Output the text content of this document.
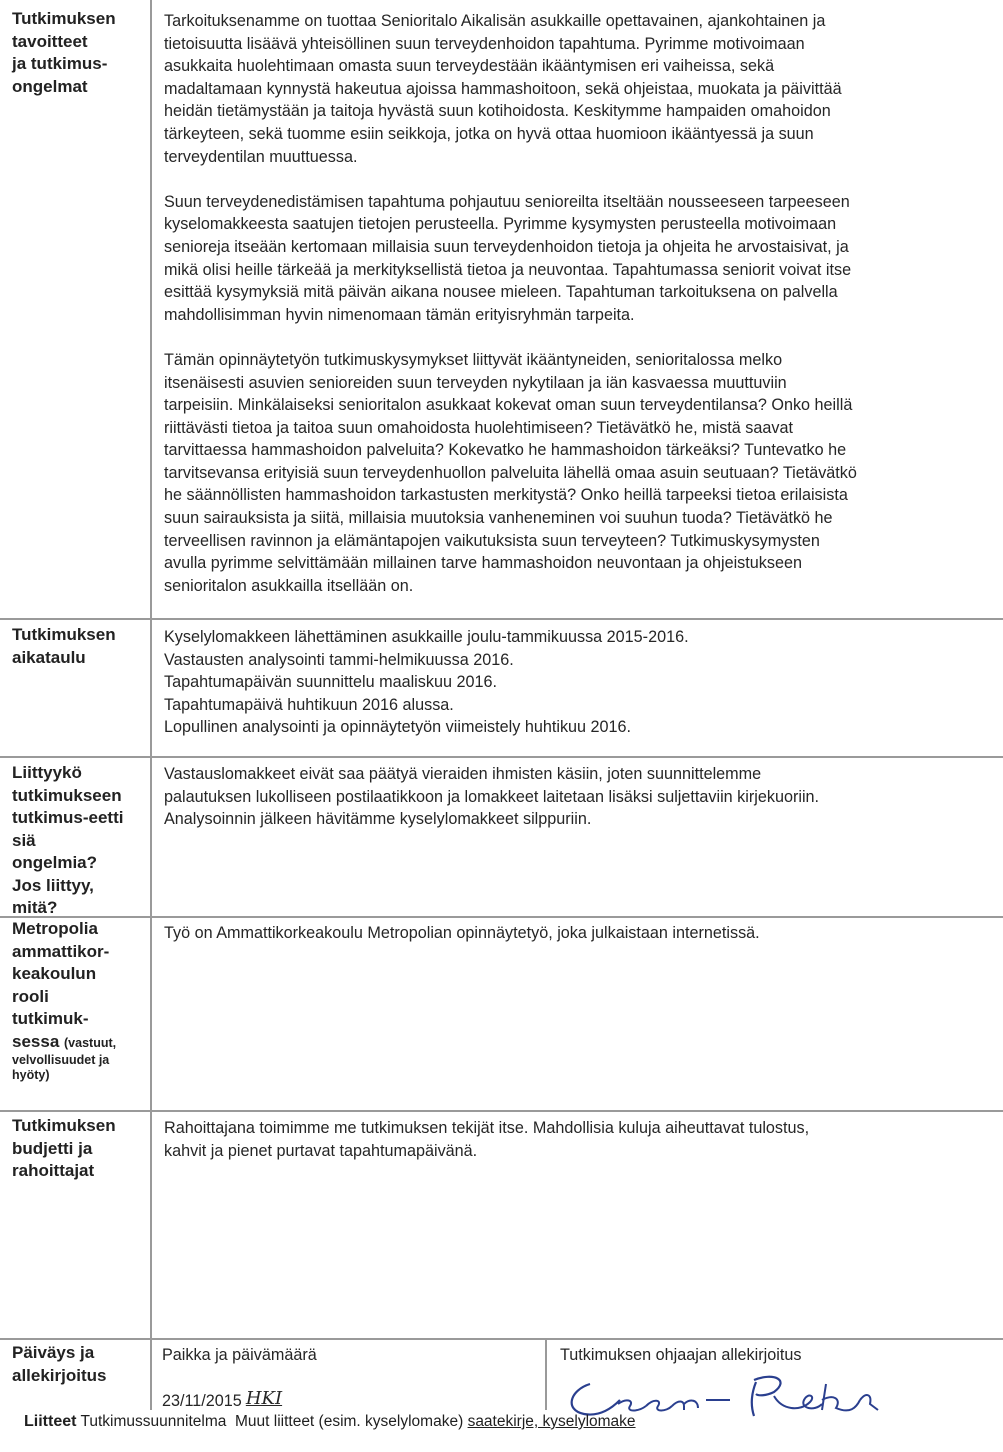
Tutkimuksen
tavoitteet
ja tutkimus-
ongelmat

Tarkoituksenamme on tuottaa Senioritalo Aikalisän asukkaille opettavainen, ajankohtainen ja
tietoisuutta lisäävä yhteisöllinen suun terveydenhoidon tapahtuma. Pyrimme motivoimaan
asukkaita huolehtimaan omasta suun terveydestään ikääntymisen eri vaiheissa, sekä
madaltamaan kynnystä hakeutua ajoissa hammashoitoon, sekä ohjeistaa, muokata ja päivittää
heidän tietämystään ja taitoja hyvästä suun kotihoidosta. Keskitymme hampaiden omahoidon
tärkeyteen, sekä tuomme esiin seikkoja, jotka on hyvä ottaa huomioon ikääntyessä ja suun
terveydentilan muuttuessa.

Suun terveydenedistämisen tapahtuma pohjautuu senioreilta itseltään nousseeseen tarpeeseen
kyselomakkeesta saatujen tietojen perusteella. Pyrimme kysymysten perusteella motivoimaan
senioreja itseään kertomaan millaisia suun terveydenhoidon tietoja ja ohjeita he arvostaisivat, ja
mikä olisi heille tärkeää ja merkityksellistä tietoa ja neuvontaa. Tapahtumassa seniorit voivat itse
esittää kysymyksiä mitä päivän aikana nousee mieleen. Tapahtuman tarkoituksena on palvella
mahdollisimman hyvin nimenomaan tämän erityisryhmän tarpeita.

Tämän opinnäytetyön tutkimuskysymykset liittyvät ikääntyneiden, senioritalossa melko
itsenäisesti asuvien senioreiden suun terveyden nykytilaan ja iän kasvaessa muuttuviin
tarpeisiin. Minkälaiseksi senioritalon asukkaat kokevat oman suun terveydentilansa? Onko heillä
riittävästi tietoa ja taitoa suun omahoidosta huolehtimiseen? Tietävätkö he, mistä saavat
tarvittaessa hammashoidon palveluita? Kokevatko he hammashoidon tärkeäksi? Tuntevatko he
tarvitsevansa erityisiä suun terveydenhuollon palveluita lähellä omaa asuin seutuaan? Tietävätkö
he säännöllisten hammashoidon tarkastusten merkitystä? Onko heillä tarpeeksi tietoa erilaisista
suun sairauksista ja siitä, millaisia muutoksia vanheneminen voi suuhun tuoda? Tietävätkö he
terveellisen ravinnon ja elämäntapojen vaikutuksista suun terveyteen? Tutkimuskysymysten
avulla pyrimme selvittämään millainen tarve hammashoidon neuvontaan ja ohjeistukseen
senioritalon asukkailla itsellään on.

Tutkimuksen
aikataulu
Kyselylomakkeen lähettäminen asukkaille joulu-tammikuussa 2015-2016.
Vastausten analysointi tammi-helmikuussa 2016.
Tapahtumapäivän suunnittelu maaliskuu 2016.
Tapahtumapäivä huhtikuun 2016 alussa.
Lopullinen analysointi ja opinnäytetyön viimeistely huhtikuu 2016.
Liittyykö
tutkimukseen
tutkimus-eetti
siä
ongelmia?
Jos liittyy,
mitä?
Vastauslomakkeet eivät saa päätyä vieraiden ihmisten käsiin, joten suunnittelemme
palautuksen lukolliseen postilaatikkoon ja lomakkeet laitetaan lisäksi suljettaviin kirjekuoriin.
Analysoinnin jälkeen hävitämme kyselylomakkeet silppuriin.
Metropolia
ammattikor-
keakoulun
rooli
tutkimuk-
sessa (vastuut,
velvollisuudet ja
hyöty)
Työ on Ammattikorkeakoulu Metropolian opinnäytetyö, joka julkaistaan internetissä.
Tutkimuksen
budjetti ja
rahoittajat
Rahoittajana toimimme me tutkimuksen tekijät itse. Mahdollisia kuluja aiheuttavat tulostus,
kahvit ja pienet purtavat tapahtumapäivänä.
Päiväys ja
allekirjoitus
Paikka ja päivämäärä
23/11/2015 HKI
Tutkimuksen ohjaajan allekirjoitus
Liitteet Tutkimussuunnitelma Muut liitteet (esim. kyselylomake) saatekirje, kyselylomake
